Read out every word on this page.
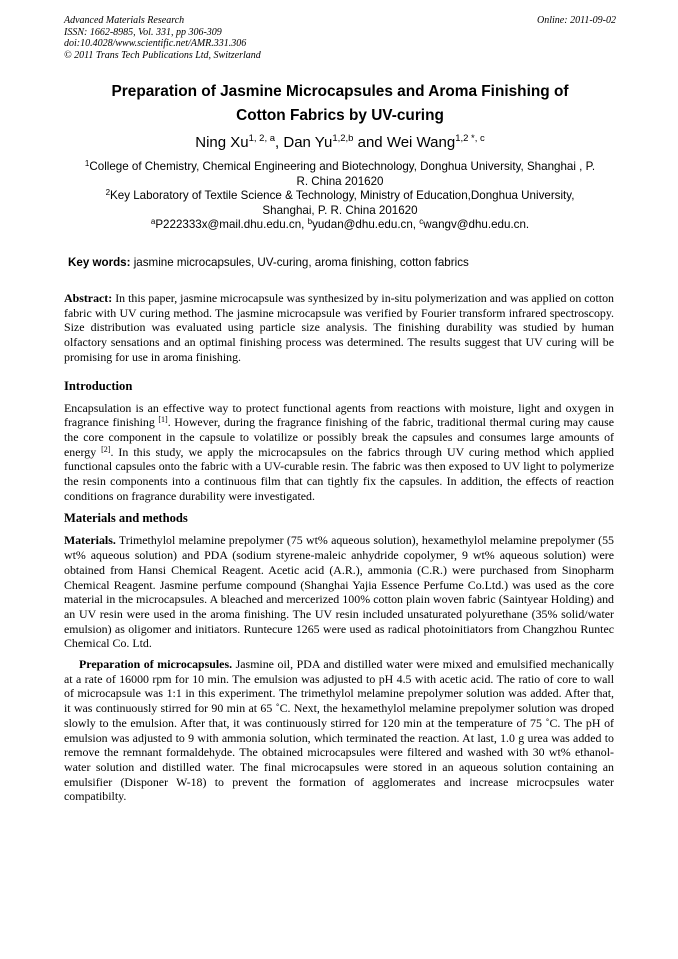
Advanced Materials Research
ISSN: 1662-8985, Vol. 331, pp 306-309
doi:10.4028/www.scientific.net/AMR.331.306
© 2011 Trans Tech Publications Ltd, Switzerland
Online: 2011-09-02
Preparation of Jasmine Microcapsules and Aroma Finishing of
Cotton Fabrics by UV-curing
Ning Xu$^{1, 2, a}$, Dan Yu$^{1,2,b}$ and Wei Wang$^{1,2 *, c}$
$^1$College of Chemistry, Chemical Engineering and Biotechnology, Donghua University, Shanghai , P.
R. China 201620
$^2$Key Laboratory of Textile Science & Technology, Ministry of Education,Donghua University,
Shanghai, P. R. China 201620
$^a$P222333x@mail.dhu.edu.cn, $^b$yudan@dhu.edu.cn, $^c$wangv@dhu.edu.cn.
Key words: jasmine microcapsules, UV-curing, aroma finishing, cotton fabrics

Abstract: In this paper, jasmine microcapsule was synthesized by in-situ polymerization and was applied on cotton fabric with UV curing method. The jasmine microcapsule was verified by Fourier transform infrared spectroscopy. Size distribution was evaluated using particle size analysis. The finishing durability was studied by human olfactory sensations and an optimal finishing process was determined. The results suggest that UV curing will be promising for use in aroma finishing.

Introduction

Encapsulation is an effective way to protect functional agents from reactions with moisture, light and oxygen in fragrance finishing [1]. However, during the fragrance finishing of the fabric, traditional thermal curing may cause the core component in the capsule to volatilize or possibly break the capsules and consumes large amounts of energy [2]. In this study, we apply the microcapsules on the fabrics through UV curing method which applied functional capsules onto the fabric with a UV-curable resin. The fabric was then exposed to UV light to polymerize the resin components into a continuous film that can tightly fix the capsules. In addition, the effects of reaction conditions on fragrance durability were investigated.

Materials and methods

Materials. Trimethylol melamine prepolymer (75 wt% aqueous solution), hexamethylol melamine prepolymer (55 wt% aqueous solution) and PDA (sodium styrene-maleic anhydride copolymer, 9 wt% aqueous solution) were obtained from Hansi Chemical Reagent. Acetic acid (A.R.), ammonia (C.R.) were purchased from Sinopharm Chemical Reagent. Jasmine perfume compound (Shanghai Yajia Essence Perfume Co.Ltd.) was used as the core material in the microcapsules. A bleached and mercerized 100% cotton plain woven fabric (Saintyear Holding) and an UV resin were used in the aroma finishing. The UV resin included unsaturated polyurethane (35% solid/water emulsion) as oligomer and initiators. Runtecure 1265 were used as radical photoinitiators from Changzhou Runtec Chemical Co. Ltd.

Preparation of microcapsules. Jasmine oil, PDA and distilled water were mixed and emulsified mechanically at a rate of 16000 rpm for 10 min. The emulsion was adjusted to pH 4.5 with acetic acid. The ratio of core to wall of microcapsule was 1:1 in this experiment. The trimethylol melamine prepolymer solution was added. After that, it was continuously stirred for 90 min at 65 ˚C. Next, the hexamethylol melamine prepolymer solution was droped slowly to the emulsion. After that, it was continuously stirred for 120 min at the temperature of 75 ˚C. The pH of emulsion was adjusted to 9 with ammonia solution, which terminated the reaction. At last, 1.0 g urea was added to remove the remnant formaldehyde. The obtained microcapsules were filtered and washed with 30 wt% ethanol-water solution and distilled water. The final microcapsules were stored in an aqueous solution containing an emulsifier (Disponer W-18) to prevent the formation of agglomerates and increase microcpsules water compatibilty.
